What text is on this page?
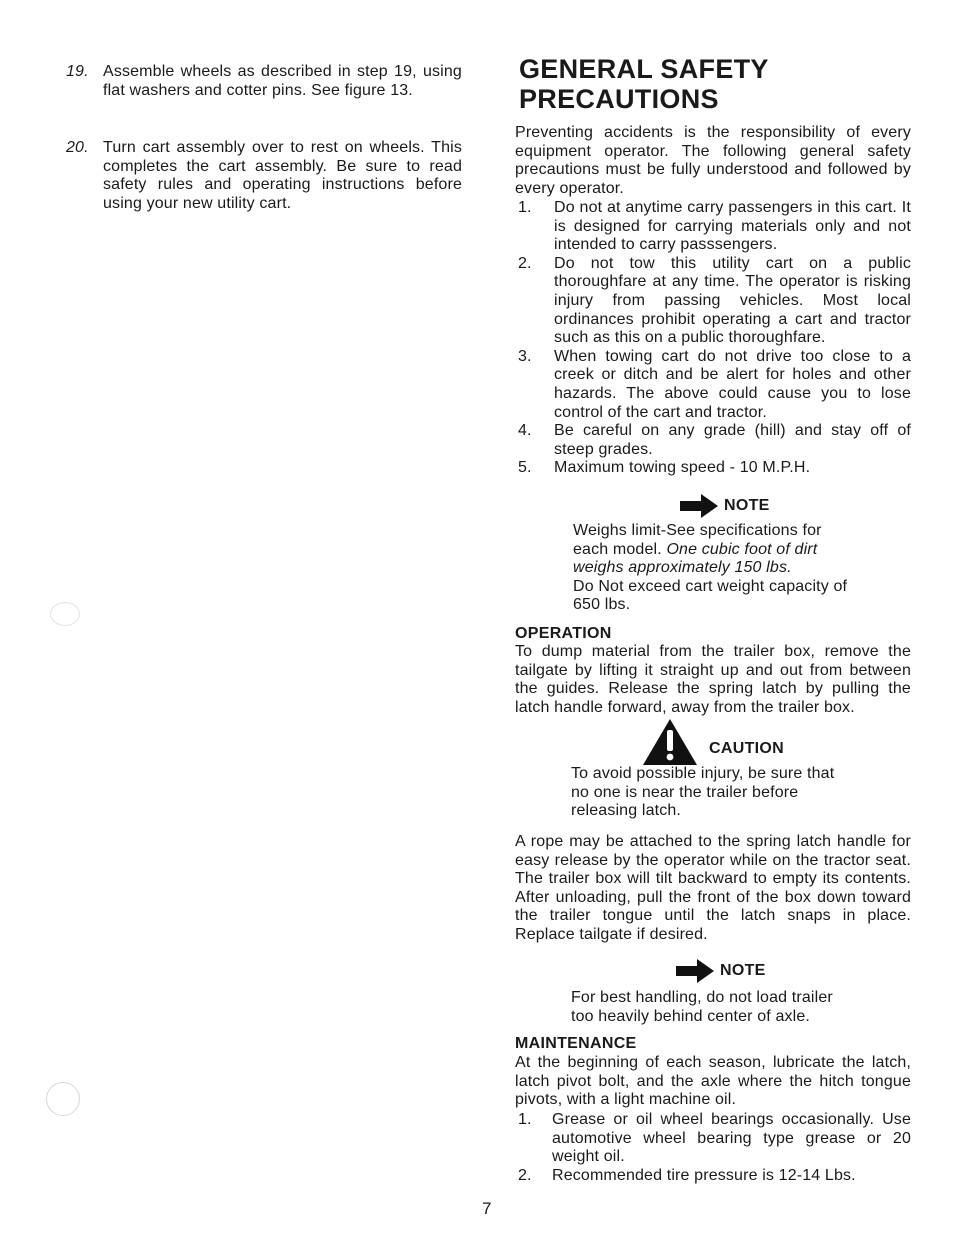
19. Assemble wheels as described in step 19, using flat washers and cotter pins. See figure 13.
20. Turn cart assembly over to rest on wheels. This completes the cart assembly. Be sure to read safety rules and operating instructions before using your new utility cart.
GENERAL SAFETY
PRECAUTIONS
Preventing accidents is the responsibility of every equipment operator. The following general safety precautions must be fully understood and followed by every operator.
1. Do not at anytime carry passengers in this cart. It is designed for carrying materials only and not intended to carry passsengers.
2. Do not tow this utility cart on a public thoroughfare at any time. The operator is risking injury from passing vehicles. Most local ordinances prohibit operating a cart and tractor such as this on a public thoroughfare.
3. When towing cart do not drive too close to a creek or ditch and be alert for holes and other hazards. The above could cause you to lose control of the cart and tractor.
4. Be careful on any grade (hill) and stay off of steep grades.
5. Maximum towing speed - 10 M.P.H.
NOTE
Weighs limit-See specifications for each model. One cubic foot of dirt weighs approximately 150 lbs.
Do Not exceed cart weight capacity of 650 lbs.
OPERATION
To dump material from the trailer box, remove the tailgate by lifting it straight up and out from between the guides. Release the spring latch by pulling the latch handle forward, away from the trailer box.
CAUTION
To avoid possible injury, be sure that no one is near the trailer before releasing latch.
A rope may be attached to the spring latch handle for easy release by the operator while on the tractor seat. The trailer box will tilt backward to empty its contents. After unloading, pull the front of the box down toward the trailer tongue until the latch snaps in place. Replace tailgate if desired.
NOTE
For best handling, do not load trailer too heavily behind center of axle.
MAINTENANCE
At the beginning of each season, lubricate the latch, latch pivot bolt, and the axle where the hitch tongue pivots, with a light machine oil.
1. Grease or oil wheel bearings occasionally. Use automotive wheel bearing type grease or 20 weight oil.
2. Recommended tire pressure is 12-14 Lbs.
7
